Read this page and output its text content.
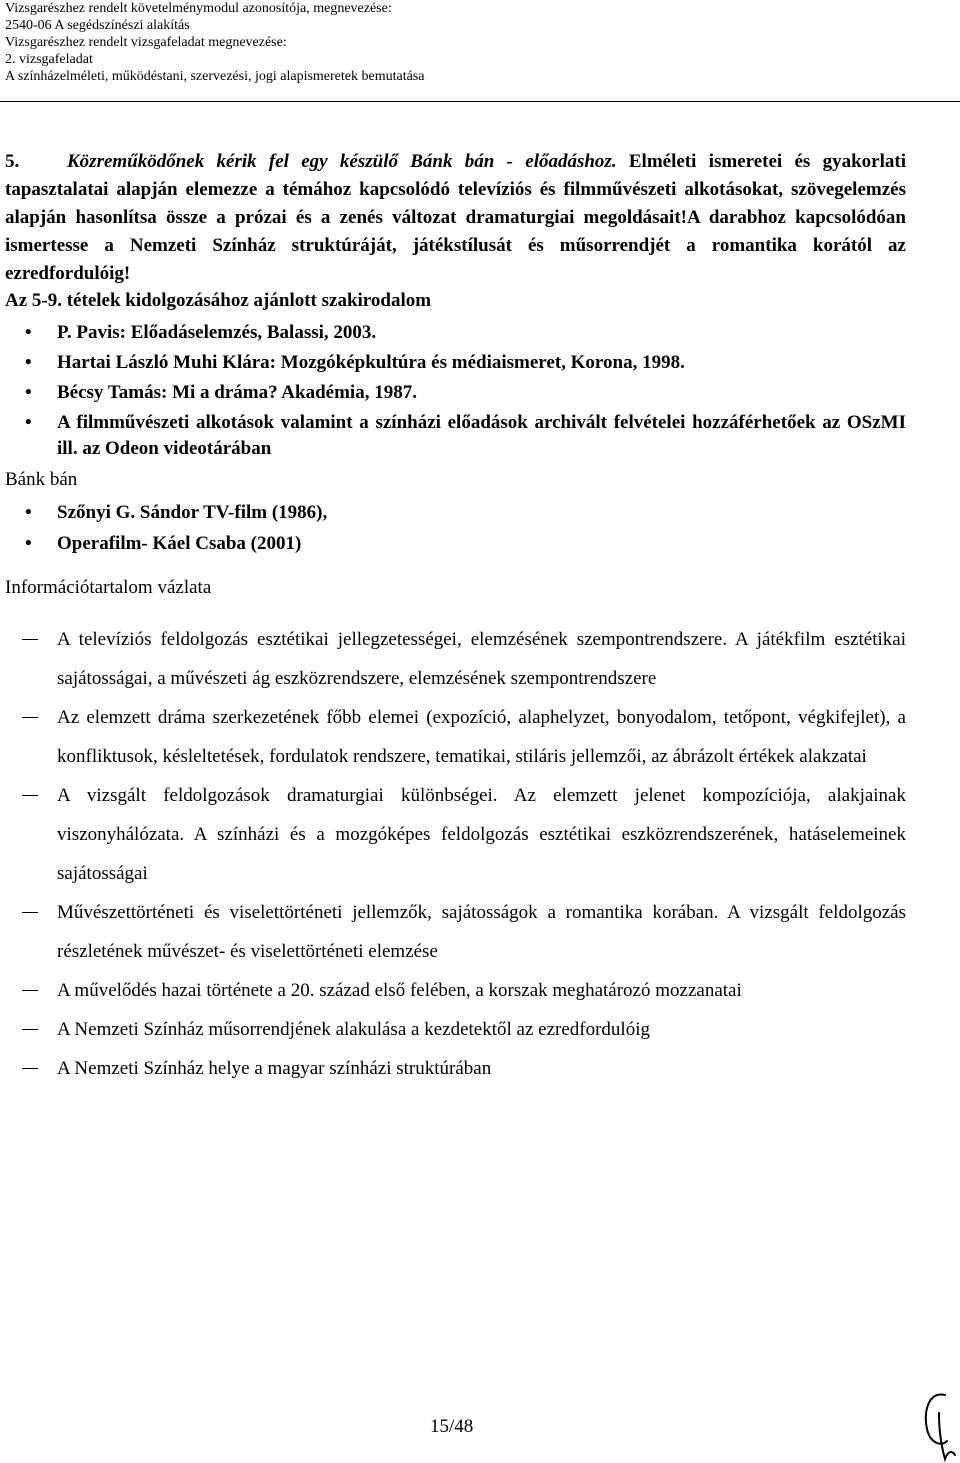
Vizsgarészhez rendelt követelménymodul azonosítója, megnevezése:
2540-06 A segédszínészi alakítás
Vizsgarészhez rendelt vizsgafeladat megnevezése:
2. vizsgafeladat
A színházelméleti, működéstani, szervezési, jogi alapismeretek bemutatása
5.	Közreműködőnek kérik fel egy készülő Bánk bán - előadáshoz. Elméleti ismeretei és gyakorlati tapasztalatai alapján elemezze a témához kapcsolódó televíziós és filmművészeti alkotásokat, szövegelemzés alapján hasonlítsa össze a prózai és a zenés változat dramaturgiai megoldásait!A darabhoz kapcsolódóan ismertesse a Nemzeti Színház struktúráját, játékstílusát és műsorrendjét a romantika korától az ezredfordulóig!
Az 5-9. tételek kidolgozásához ajánlott szakirodalom
• P. Pavis: Előadáselemzés, Balassi, 2003.
• Hartai László Muhi Klára: Mozgóképkultúra és médiaismeret, Korona, 1998.
• Bécsy Tamás: Mi a dráma? Akadémia, 1987.
• A filmművészeti alkotások valamint a színházi előadások archivált felvételei hozzáférhetőek az OSzMI ill. az Odeon videotárában
Bánk bán
• Szőnyi G. Sándor TV-film (1986),
• Operafilm- Káel Csaba (2001)
Információtartalom vázlata
A televíziós feldolgozás esztétikai jellegzetességei, elemzésének szempontrendszere. A játékfilm esztétikai sajátosságai, a művészeti ág eszközrendszere, elemzésének szempontrendszere
Az elemzett dráma szerkezetének főbb elemei (expozíció, alaphelyzet, bonyodalom, tetőpont, végkifejlet), a konfliktusok, késleltetések, fordulatok rendszere, tematikai, stiláris jellemzői, az ábrázolt értékek alakzatai
A vizsgált feldolgozások dramaturgiai különbségei. Az elemzett jelenet kompozíciója, alakjainak viszonyhálózata. A színházi és a mozgóképes feldolgozás esztétikai eszközrendszerének, hatáselemeinek sajátosságai
Művészettörténeti és viselettörténeti jellemzők, sajátosságok a romantika korában. A vizsgált feldolgozás részletének művészet- és viselettörténeti elemzése
A művelődés hazai története a 20. század első felében, a korszak meghatározó mozzanatai
A Nemzeti Színház műsorrendjének alakulása a kezdetektől az ezredfordulóig
A Nemzeti Színház helye a magyar színházi struktúrában
15/48
